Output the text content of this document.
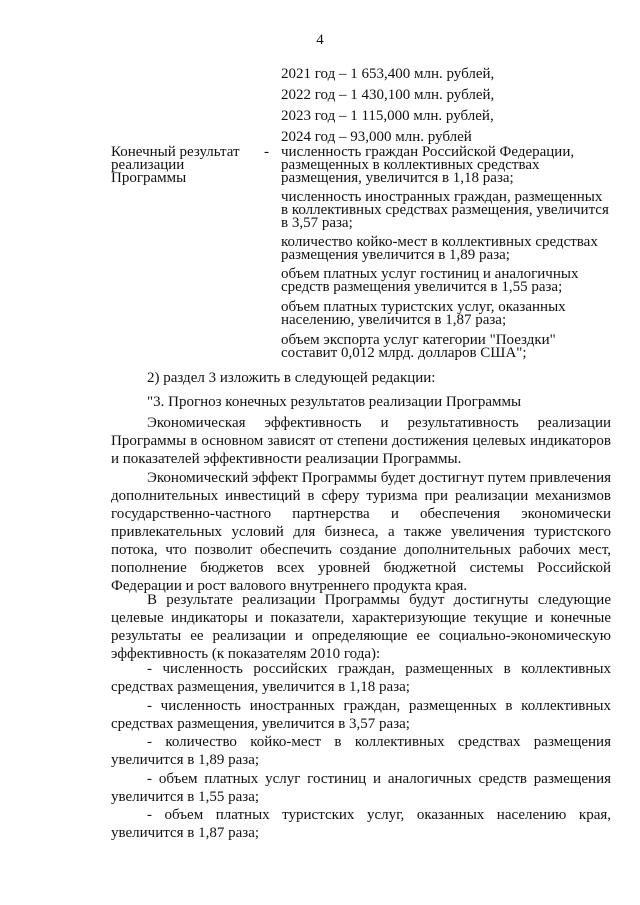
4
2021 год – 1 653,400 млн. рублей,
2022 год – 1 430,100 млн. рублей,
2023 год – 1 115,000 млн. рублей,
2024 год – 93,000 млн. рублей
Конечный результат
реализации Программы
- численность граждан Российской Федерации, размещенных в коллективных средствах размещения, увеличится в 1,18 раза;
численность иностранных граждан, размещенных в коллективных средствах размещения, увеличится в 3,57 раза;
количество койко-мест в коллективных средствах размещения увеличится в 1,89 раза;
объем платных услуг гостиниц и аналогичных средств размещения увеличится в 1,55 раза;
объем платных туристских услуг, оказанных населению, увеличится в 1,87 раза;
объем экспорта услуг категории "Поездки" составит 0,012 млрд. долларов США";
2) раздел 3 изложить в следующей редакции:
"3. Прогноз конечных результатов реализации Программы
Экономическая эффективность и результативность реализации Программы в основном зависят от степени достижения целевых индикаторов и показателей эффективности реализации Программы.
Экономический эффект Программы будет достигнут путем привлечения дополнительных инвестиций в сферу туризма при реализации механизмов государственно-частного партнерства и обеспечения экономически привлекательных условий для бизнеса, а также увеличения туристского потока, что позволит обеспечить создание дополнительных рабочих мест, пополнение бюджетов всех уровней бюджетной системы Российской Федерации и рост валового внутреннего продукта края.
В результате реализации Программы будут достигнуты следующие целевые индикаторы и показатели, характеризующие текущие и конечные результаты ее реализации и определяющие ее социально-экономическую эффективность (к показателям 2010 года):
- численность российских граждан, размещенных в коллективных средствах размещения, увеличится в 1,18 раза;
- численность иностранных граждан, размещенных в коллективных средствах размещения, увеличится в 3,57 раза;
- количество койко-мест в коллективных средствах размещения увеличится в 1,89 раза;
- объем платных услуг гостиниц и аналогичных средств размещения увеличится в 1,55 раза;
- объем платных туристских услуг, оказанных населению края, увеличится в 1,87 раза;
